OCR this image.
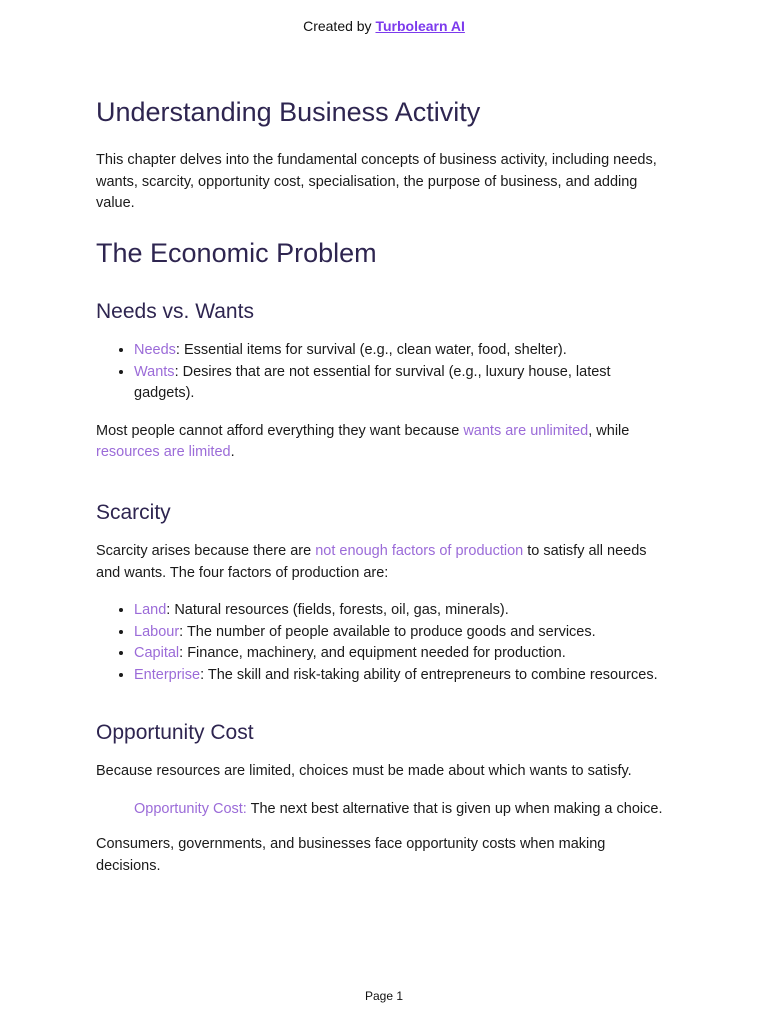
Created by Turbolearn AI
Understanding Business Activity

This chapter delves into the fundamental concepts of business activity, including needs, wants, scarcity, opportunity cost, specialisation, the purpose of business, and adding value.

The Economic Problem
Needs vs. Wants
• Needs: Essential items for survival (e.g., clean water, food, shelter).
• Wants: Desires that are not essential for survival (e.g., luxury house, latest gadgets).

Most people cannot afford everything they want because wants are unlimited, while resources are limited.

Scarcity

Scarcity arises because there are not enough factors of production to satisfy all needs and wants. The four factors of production are:

• Land: Natural resources (fields, forests, oil, gas, minerals).
• Labour: The number of people available to produce goods and services.
• Capital: Finance, machinery, and equipment needed for production.
• Enterprise: The skill and risk-taking ability of entrepreneurs to combine resources.
Opportunity Cost

Because resources are limited, choices must be made about which wants to satisfy.

Opportunity Cost: The next best alternative that is given up when making a choice.

Consumers, governments, and businesses face opportunity costs when making decisions.

Page 1
